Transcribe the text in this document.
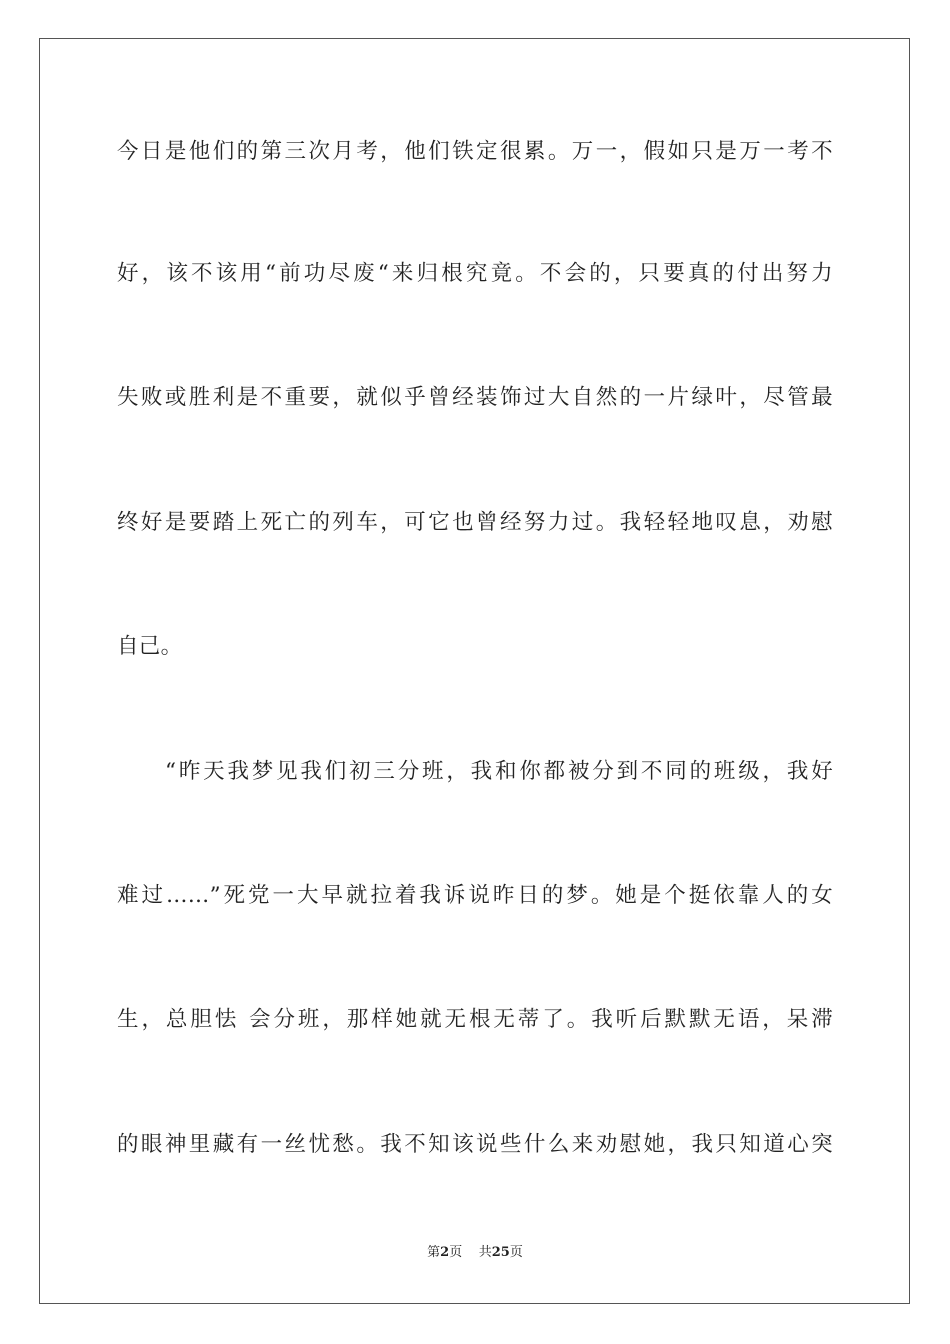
今日是他们的第三次月考，他们铁定很累。万一，假如只是万一考不
好，该不该用“前功尽废“来归根究竟。不会的，只要真的付出努力
失败或胜利是不重要，就似乎曾经装饰过大自然的一片绿叶，尽管最
终好是要踏上死亡的列车，可它也曾经努力过。我轻轻地叹息，劝慰
自己。
“昨天我梦见我们初三分班，我和你都被分到不同的班级，我好
难过……”死党一大早就拉着我诉说昨日的梦。她是个挺依靠人的女
生，总胆怯 会分班，那样她就无根无蒂了。我听后默默无语，呆滞
的眼神里藏有一丝忧愁。我不知该说些什么来劝慰她，我只知道心突
第2页 共25页
